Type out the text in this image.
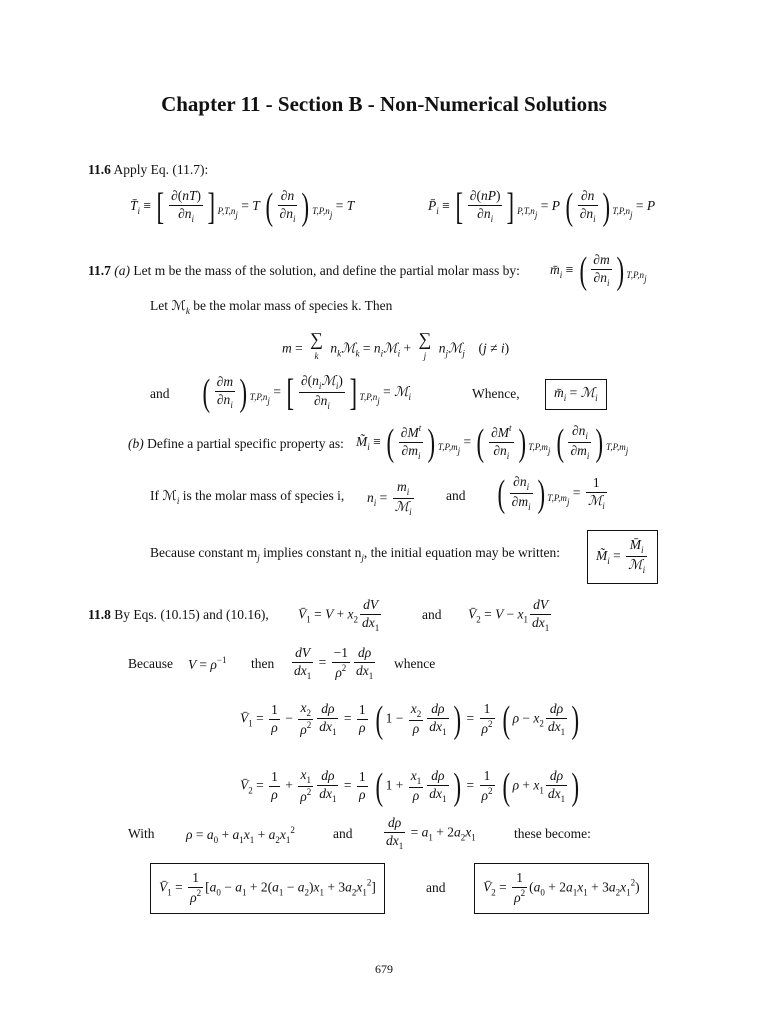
Chapter 11 - Section B - Non-Numerical Solutions
11.6 Apply Eq. (11.7):
$T̄_i$ ≡ [ $\frac{\partial(nT)}{\partial n_i}$ ] $_{P,T,nj}$ = T ( $\frac{\partial n}{\partial n_i}$ ) $_{T,P,nj}$ = T	$P̄_i$ ≡ [ $\frac{\partial(nP)}{\partial n_i}$ ] $_{P,T,nj}$ = P ( $\frac{\partial n}{\partial n_i}$ ) $_{T,P,nj}$ = P
11.7 (a) Let m be the mass of the solution, and define the partial molar mass by: $m̄_i$ ≡ ( $\frac{\partial m}{\partial n_i}$ ) $_{T,P,nj}$
Let ℳ$_k$ be the molar mass of species k. Then
m = ∑
k $n_kℳ_k$ = $n_iℳ_i$ + ∑
j $n_jℳ_j$ (j ≠ i)
and ( $\frac{\partial m}{\partial n_i}$ ) $_{T,P,nj}$ = [ $\frac{\partial(n_iℳ_i)}{\partial n_i}$ ] $_{T,P,nj}$ = ℳ$_i$	Whence,	$m̄_i$ = ℳ$_i$
(b) Define a partial specific property as: $M̃_i$ ≡ ( $\frac{\partial M^t}{\partial m_i}$ ) $_{T,P,mj}$ = ( $\frac{\partial M^t}{\partial n_i}$ ) $_{T,P,mj}$ ( $\frac{\partial n_i}{\partial m_i}$ ) $_{T,P,mj}$
If ℳ$_i$ is the molar mass of species i, $n_i = \frac{m_i}{ℳ_i}$ and ( $\frac{\partial n_i}{\partial m_i}$ ) $_{T,P,mj} = \frac{1}{ℳ_i}$
Because constant $m_j$ implies constant $n_j$, the initial equation may be written:	$M̃_i = \frac{M̄_i}{ℳ_i}$
11.8 By Eqs. (10.15) and (10.16), $V̄_1 = V + x_2 \frac{dV}{dx_1}$	and $V̄_2 = V - x_1 \frac{dV}{dx_1}$
Because $V = \rho^{-1}$ then $\frac{dV}{dx_1} = \frac{-1}{\rho^2} \frac{d\rho}{dx_1}$ whence
$V̄_1 = \frac{1}{\rho} - \frac{x_2}{\rho^2} \frac{d\rho}{dx_1} = \frac{1}{\rho}$ ( $1 - \frac{x_2}{\rho} \frac{d\rho}{dx_1}$ ) = $\frac{1}{\rho^2}$ ( $\rho - x_2 \frac{d\rho}{dx_1}$ )
$V̄_2 = \frac{1}{\rho} + \frac{x_1}{\rho^2} \frac{d\rho}{dx_1} = \frac{1}{\rho}$ ( $1 + \frac{x_1}{\rho} \frac{d\rho}{dx_1}$ ) = $\frac{1}{\rho^2}$ ( $\rho + x_1 \frac{d\rho}{dx_1}$ )
With $\rho = a_0 + a_1x_1 + a_2x_1^2$	and $\frac{d\rho}{dx_1} = a_1 + 2a_2x_1$	these become:
$V̄_1 = \frac{1}{\rho^2} [a_0 - a_1 + 2(a_1 - a_2)x_1 + 3a_2x_1^2]$	and	$V̄_2 = \frac{1}{\rho^2} (a_0 + 2a_1x_1 + 3a_2x_1^2)$
679
